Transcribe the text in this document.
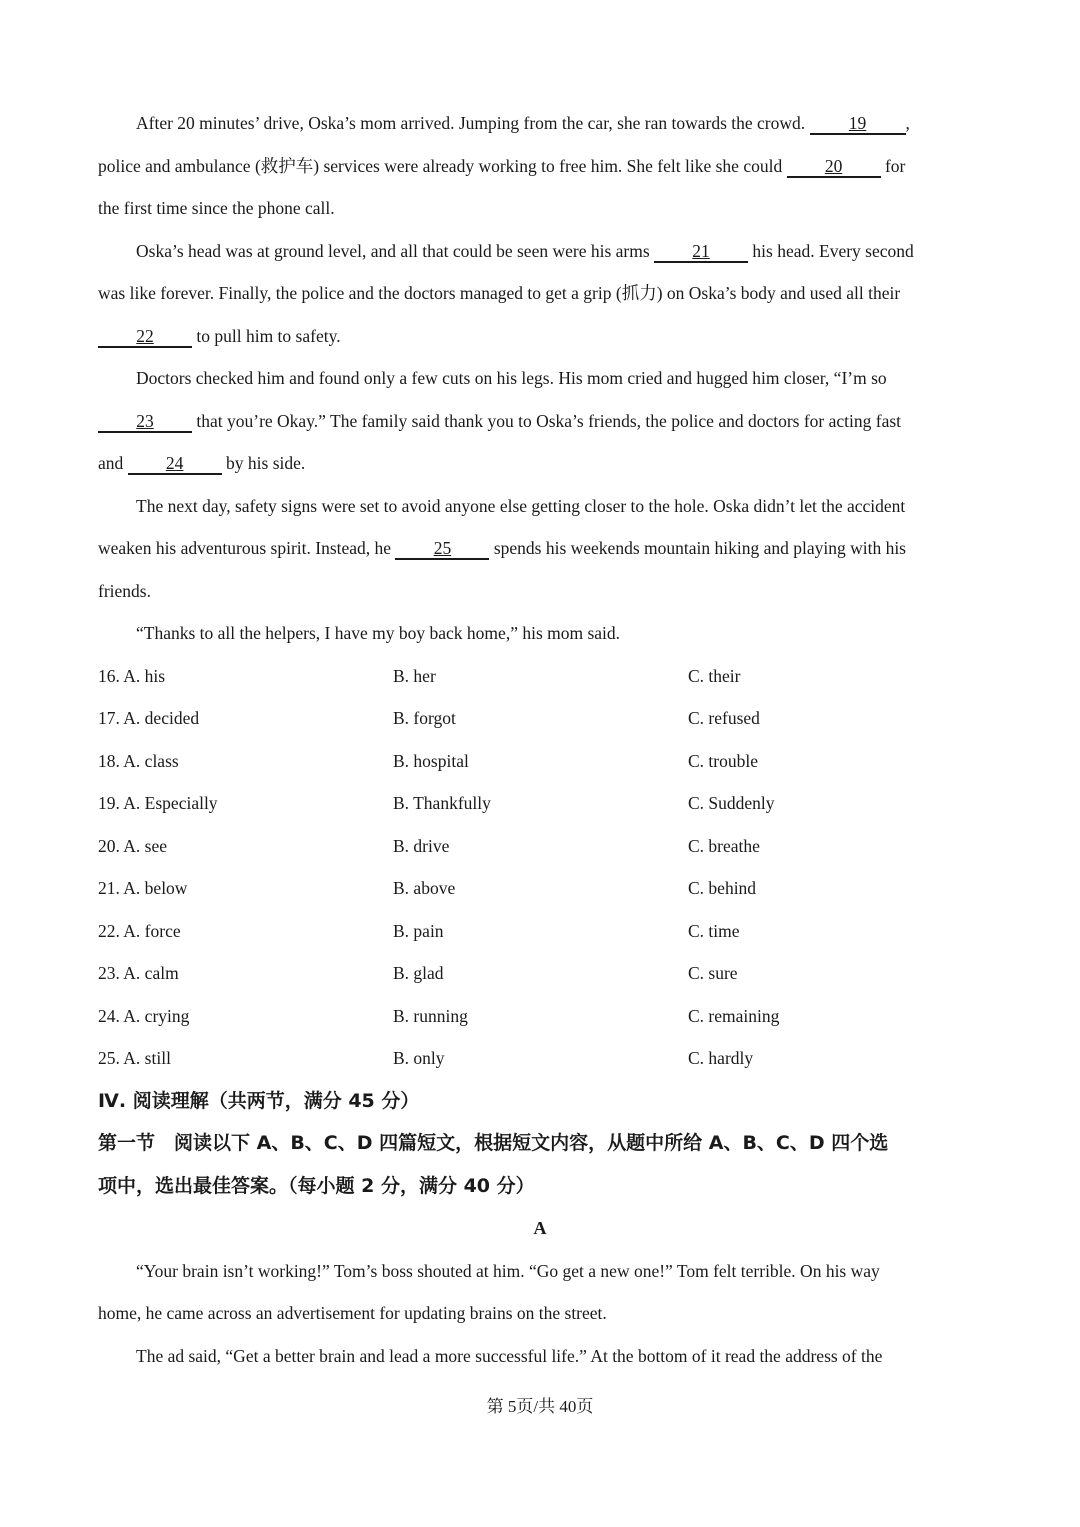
After 20 minutes’ drive, Oska’s mom arrived. Jumping from the car, she ran towards the crowd. 19 ,
police and ambulance (救护车) services were already working to free him. She felt like she could 20 for
the first time since the phone call.
Oska’s head was at ground level, and all that could be seen were his arms 21 his head. Every second
was like forever. Finally, the police and the doctors managed to get a grip (抓力) on Oska’s body and used all their
22 to pull him to safety.
Doctors checked him and found only a few cuts on his legs. His mom cried and hugged him closer, “I’m so
23 that you’re Okay.” The family said thank you to Oska’s friends, the police and doctors for acting fast
and 24 by his side.
The next day, safety signs were set to avoid anyone else getting closer to the hole. Oska didn’t let the accident
weaken his adventurous spirit. Instead, he 25 spends his weekends mountain hiking and playing with his
friends.
“Thanks to all the helpers, I have my boy back home,” his mom said.
16. A. his	B. her	C. their
17. A. decided	B. forgot	C. refused
18. A. class	B. hospital	C. trouble
19. A. Especially	B. Thankfully	C. Suddenly
20. A. see	B. drive	C. breathe
21. A. below	B. above	C. behind
22. A. force	B. pain	C. time
23. A. calm	B. glad	C. sure
24. A. crying	B. running	C. remaining
25. A. still	B. only	C. hardly
Ⅳ. 阅读理解（共两节，满分 45 分）
第一节　阅读以下 A、B、C、D 四篇短文，根据短文内容，从题中所给 A、B、C、D 四个选
项中，选出最佳答案。（每小题 2 分，满分 40 分）
A
“Your brain isn’t working!” Tom’s boss shouted at him. “Go get a new one!” Tom felt terrible. On his way
home, he came across an advertisement for updating brains on the street.
The ad said, “Get a better brain and lead a more successful life.” At the bottom of it read the address of the
第 5页/共 40页
